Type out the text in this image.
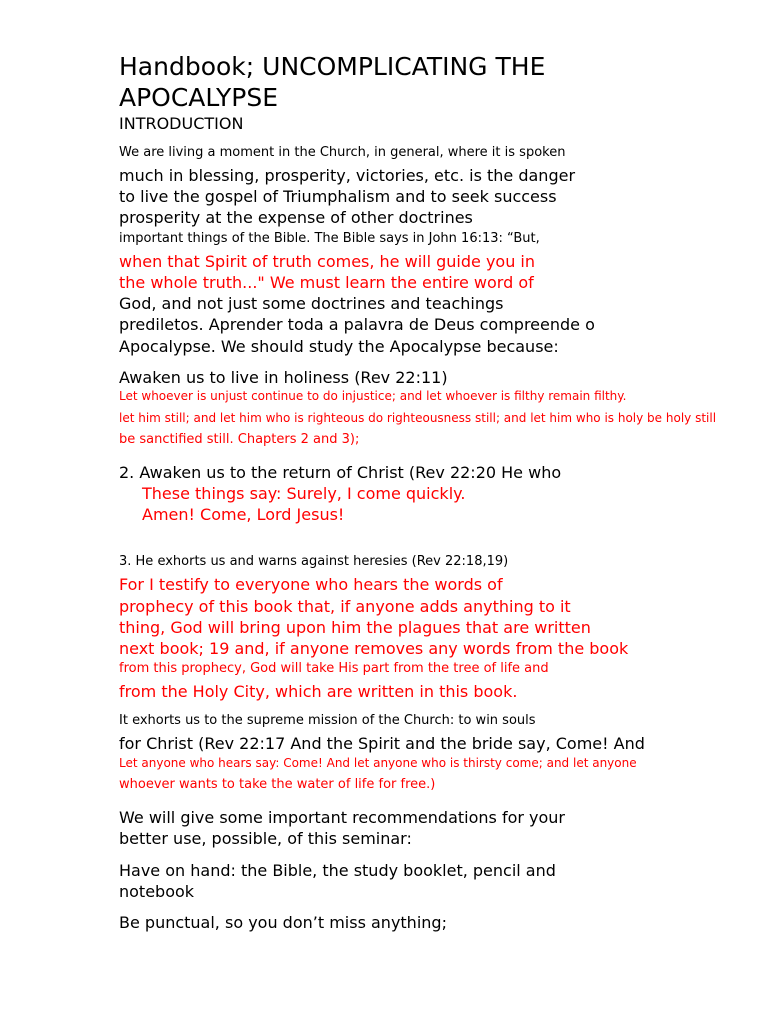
Handbook; UNCOMPLICATING THE

APOCALYPSE

INTRODUCTION

We are living a moment in the Church, in general, where it is spoken

much in blessing, prosperity, victories, etc. is the danger

to live the gospel of Triumphalism and to seek success

prosperity at the expense of other doctrines

important things of the Bible. The Bible says in John 16:13: “But,

when that Spirit of truth comes, he will guide you in

the whole truth..." We must learn the entire word of

God, and not just some doctrines and teachings

prediletos. Aprender toda a palavra de Deus compreende o

Apocalypse. We should study the Apocalypse because:

Awaken us to live in holiness (Rev 22:11)

Let whoever is unjust continue to do injustice; and let whoever is filthy remain filthy.

let him still; and let him who is righteous do righteousness still; and let him who is holy be holy still

be sanctified still. Chapters 2 and 3);

2. Awaken us to the return of Christ (Rev 22:20 He who

These things say: Surely, I come quickly.

Amen! Come, Lord Jesus!

3. He exhorts us and warns against heresies (Rev 22:18,19)

For I testify to everyone who hears the words of

prophecy of this book that, if anyone adds anything to it

thing, God will bring upon him the plagues that are written

next book; 19 and, if anyone removes any words from the book

from this prophecy, God will take His part from the tree of life and

from the Holy City, which are written in this book.

It exhorts us to the supreme mission of the Church: to win souls

for Christ (Rev 22:17 And the Spirit and the bride say, Come! And

Let anyone who hears say: Come! And let anyone who is thirsty come; and let anyone

whoever wants to take the water of life for free.)

We will give some important recommendations for your

better use, possible, of this seminar:

Have on hand: the Bible, the study booklet, pencil and

notebook

Be punctual, so you don’t miss anything;
